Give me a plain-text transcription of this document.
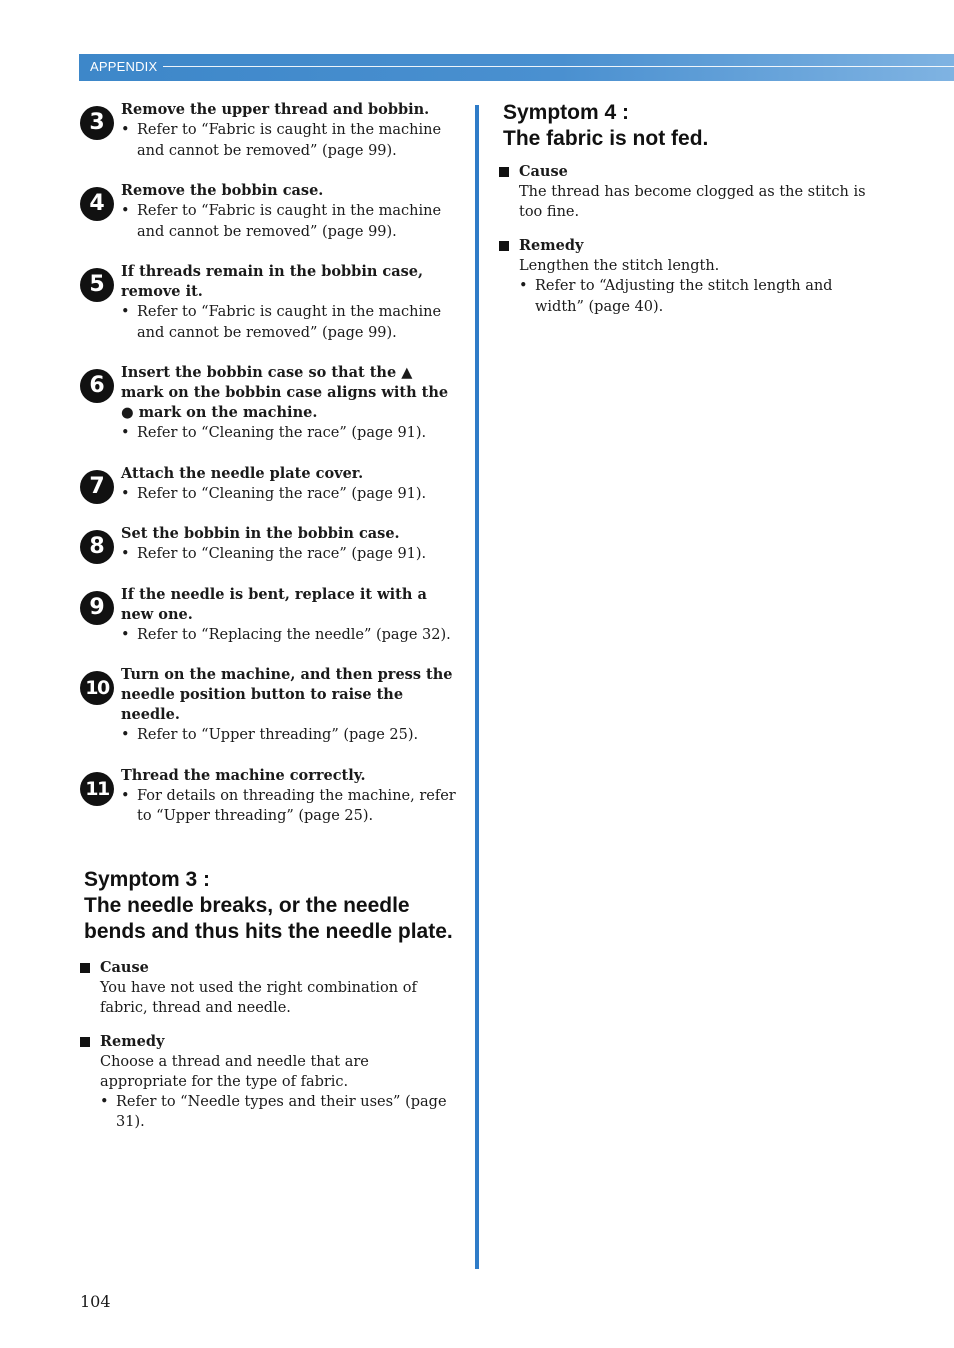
APPENDIX
3

Remove the upper thread and bobbin.

• Refer to “Fabric is caught in the machine and cannot be removed” (page 99).
4

Remove the bobbin case.

• Refer to “Fabric is caught in the machine and cannot be removed” (page 99).
5

If threads remain in the bobbin case, remove it.

• Refer to “Fabric is caught in the machine and cannot be removed” (page 99).
6

Insert the bobbin case so that the ▲ mark on the bobbin case aligns with the ● mark on the machine.

• Refer to “Cleaning the race” (page 91).
7

Attach the needle plate cover.

• Refer to “Cleaning the race” (page 91).
8

Set the bobbin in the bobbin case.

• Refer to “Cleaning the race” (page 91).
9

If the needle is bent, replace it with a new one.

• Refer to “Replacing the needle” (page 32).
10

Turn on the machine, and then press the needle position button to raise the needle.

• Refer to “Upper threading” (page 25).
11

Thread the machine correctly.

• For details on threading the machine, refer to “Upper threading” (page 25).

Symptom 3 :

The needle breaks, or the needle bends and thus hits the needle plate.

Cause
You have not used the right combination of fabric, thread and needle.
Remedy
Choose a thread and needle that are appropriate for the type of fabric.
• Refer to “Needle types and their uses” (page 31).

Symptom 4 :

The fabric is not fed.

Cause
The thread has become clogged as the stitch is too fine.
Remedy
Lengthen the stitch length.
• Refer to “Adjusting the stitch length and width” (page 40).
104
